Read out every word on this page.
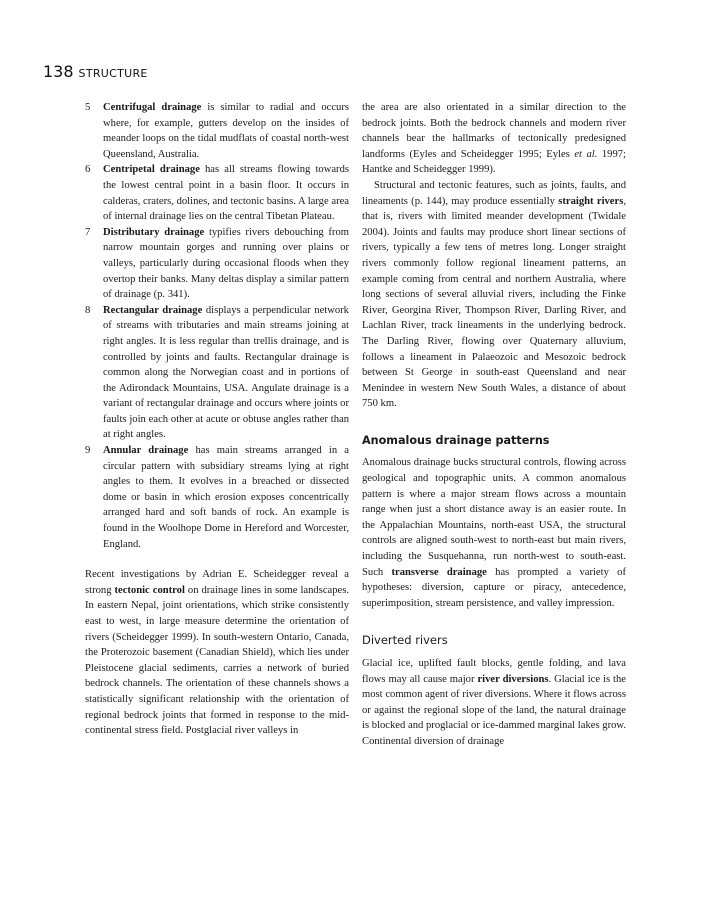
138 STRUCTURE
5	Centrifugal drainage is similar to radial and occurs where, for example, gutters develop on the insides of meander loops on the tidal mudflats of coastal north-west Queensland, Australia.
6	Centripetal drainage has all streams flowing towards the lowest central point in a basin floor. It occurs in calderas, craters, dolines, and tectonic basins. A large area of internal drainage lies on the central Tibetan Plateau.
7	Distributary drainage typifies rivers debouching from narrow mountain gorges and running over plains or valleys, particularly during occasional floods when they overtop their banks. Many deltas display a similar pattern of drainage (p. 341).
8	Rectangular drainage displays a perpendicular network of streams with tributaries and main streams joining at right angles. It is less regular than trellis drainage, and is controlled by joints and faults. Rectangular drainage is common along the Norwegian coast and in portions of the Adirondack Mountains, USA. Angulate drainage is a variant of rectangular drainage and occurs where joints or faults join each other at acute or obtuse angles rather than at right angles.
9	Annular drainage has main streams arranged in a circular pattern with subsidiary streams lying at right angles to them. It evolves in a breached or dissected dome or basin in which erosion exposes concentrically arranged hard and soft bands of rock. An example is found in the Woolhope Dome in Hereford and Worcester, England.

Recent investigations by Adrian E. Scheidegger reveal a strong tectonic control on drainage lines in some landscapes. In eastern Nepal, joint orientations, which strike consistently east to west, in large measure determine the orientation of rivers (Scheidegger 1999). In south-western Ontario, Canada, the Proterozoic basement (Canadian Shield), which lies under Pleistocene glacial sediments, carries a network of buried bedrock channels. The orientation of these channels shows a statistically significant relationship with the orientation of regional bedrock joints that formed in response to the mid-continental stress field. Postglacial river valleys in

the area are also orientated in a similar direction to the bedrock joints. Both the bedrock channels and modern river channels bear the hallmarks of tectonically predesigned landforms (Eyles and Scheidegger 1995; Eyles et al. 1997; Hantke and Scheidegger 1999).

Structural and tectonic features, such as joints, faults, and lineaments (p. 144), may produce essentially straight rivers, that is, rivers with limited meander development (Twidale 2004). Joints and faults may produce short linear sections of rivers, typically a few tens of metres long. Longer straight rivers commonly follow regional lineament patterns, an example coming from central and northern Australia, where long sections of several alluvial rivers, including the Finke River, Georgina River, Thompson River, Darling River, and Lachlan River, track lineaments in the underlying bedrock. The Darling River, flowing over Quaternary alluvium, follows a lineament in Palaeozoic and Mesozoic bedrock between St George in south-east Queensland and near Menindee in western New South Wales, a distance of about 750 km.

Anomalous drainage patterns

Anomalous drainage bucks structural controls, flowing across geological and topographic units. A common anomalous pattern is where a major stream flows across a mountain range when just a short distance away is an easier route. In the Appalachian Mountains, north-east USA, the structural controls are aligned south-west to north-east but main rivers, including the Susquehanna, run north-west to south-east. Such transverse drainage has prompted a variety of hypotheses: diversion, capture or piracy, antecedence, superimposition, stream persistence, and valley impression.

Diverted rivers

Glacial ice, uplifted fault blocks, gentle folding, and lava flows may all cause major river diversions. Glacial ice is the most common agent of river diversions. Where it flows across or against the regional slope of the land, the natural drainage is blocked and proglacial or ice-dammed marginal lakes grow. Continental diversion of drainage
